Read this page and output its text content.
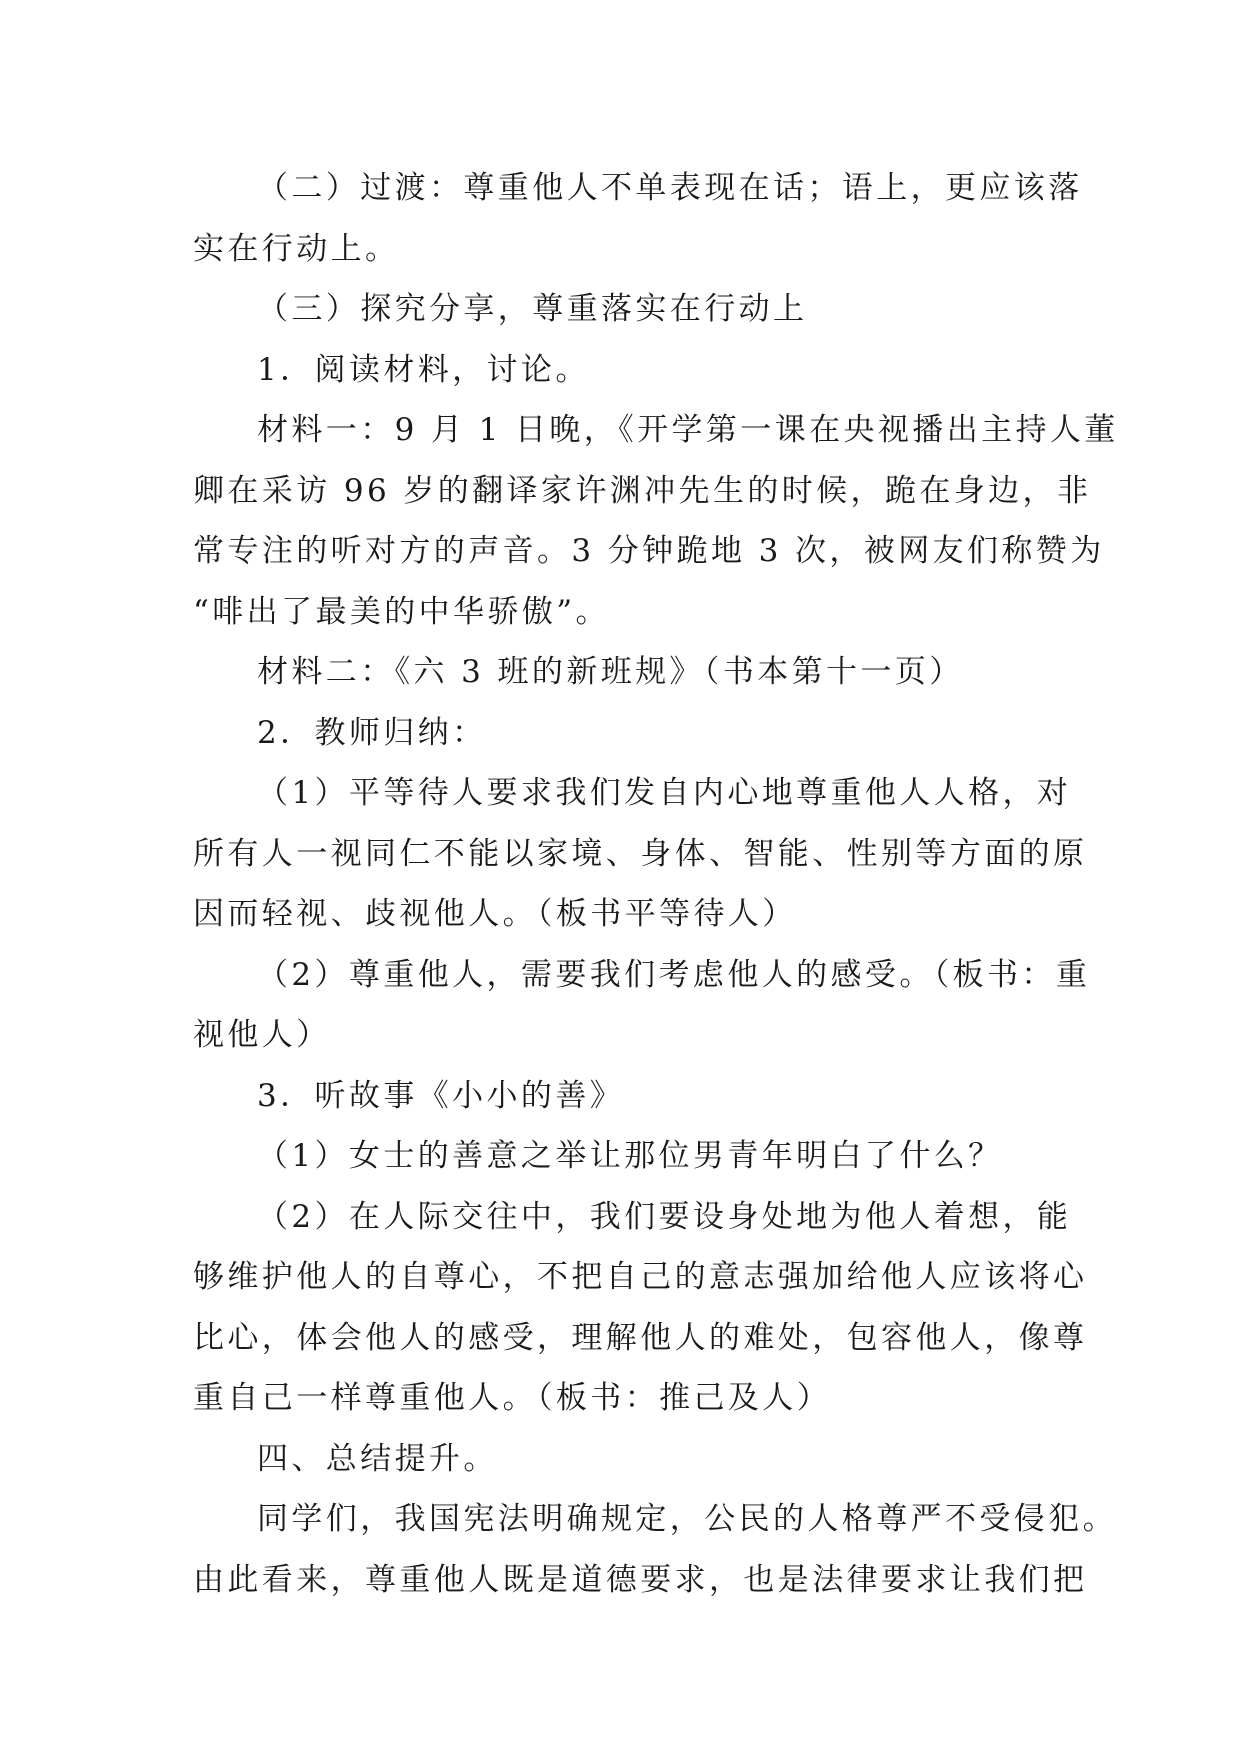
（二）过渡：尊重他人不单表现在话；语上，更应该落
实在行动上。

（三）探究分享，尊重落实在行动上

1．阅读材料，讨论。

材料一：9 月 1 日晚，《开学第一课在央视播出主持人董
卿在采访 96 岁的翻译家许渊冲先生的时候，跪在身边，非
常专注的听对方的声音。3 分钟跪地 3 次，被网友们称赞为
“啡出了最美的中华骄傲”。

材料二：《六 3 班的新班规》（书本第十一页）

2．教师归纳：

（1）平等待人要求我们发自内心地尊重他人人格，对
所有人一视同仁不能以家境、身体、智能、性别等方面的原
因而轻视、歧视他人。（板书平等待人）

（2）尊重他人，需要我们考虑他人的感受。（板书：重
视他人）

3．听故事《小小的善》

（1）女士的善意之举让那位男青年明白了什么？

（2）在人际交往中，我们要设身处地为他人着想，能
够维护他人的自尊心，不把自己的意志强加给他人应该将心
比心，体会他人的感受，理解他人的难处，包容他人，像尊
重自己一样尊重他人。（板书：推己及人）

四、总结提升。

同学们，我国宪法明确规定，公民的人格尊严不受侵犯。
由此看来，尊重他人既是道德要求，也是法律要求让我们把
